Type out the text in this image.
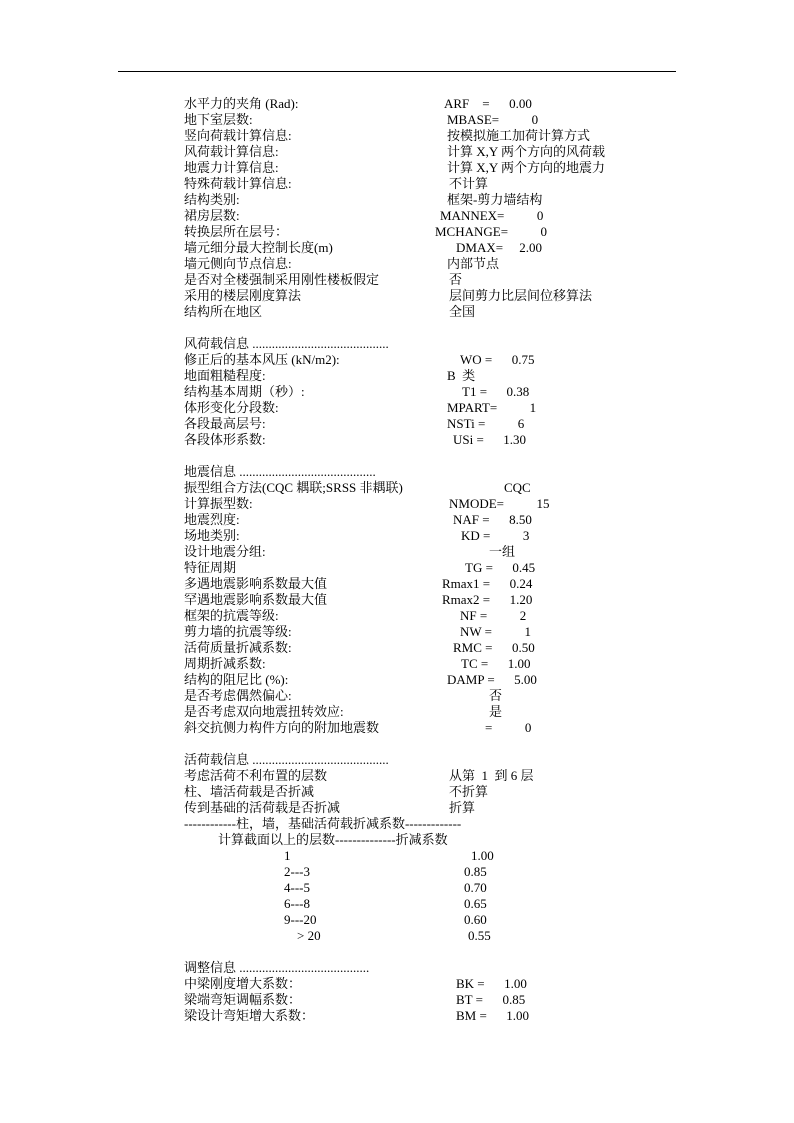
水平力的夹角 (Rad):	ARF    =      0.00
地下室层数:	MBASE=          0
竖向荷载计算信息:	按模拟施工加荷计算方式
风荷载计算信息:	计算 X,Y 两个方向的风荷载
地震力计算信息:	计算 X,Y 两个方向的地震力
特殊荷载计算信息:	不计算
结构类别:	框架-剪力墙结构
裙房层数:	MANNEX=          0
转换层所在层号：	MCHANGE=          0
墙元细分最大控制长度(m)	DMAX=     2.00
墙元侧向节点信息:	内部节点
是否对全楼强制采用刚性楼板假定	否
采用的楼层刚度算法	层间剪力比层间位移算法
结构所在地区	全国
风荷载信息 ..........................................
修正后的基本风压 (kN/m2):	WO =      0.75
地面粗糙程度:	B  类
结构基本周期（秒）:	T1 =      0.38
体形变化分段数:	MPART=          1
各段最高层号:	NSTi =          6
各段体形系数:	USi =      1.30
地震信息 ..........................................
振型组合方法(CQC 耦联;SRSS 非耦联)	CQC
计算振型数:	NMODE=          15
地震烈度:	NAF =      8.50
场地类别:	KD =          3
设计地震分组:	一组
特征周期	TG =      0.45
多遇地震影响系数最大值	Rmax1 =      0.24
罕遇地震影响系数最大值	Rmax2 =      1.20
框架的抗震等级:	NF =          2
剪力墙的抗震等级:	NW =          1
活荷质量折减系数:	RMC =      0.50
周期折减系数:	TC =      1.00
结构的阻尼比 (%):	DAMP =      5.00
是否考虑偶然偏心:	否
是否考虑双向地震扭转效应:	是
斜交抗侧力构件方向的附加地震数	=          0
活荷载信息 ..........................................
考虑活荷不利布置的层数	从第  1  到 6 层
柱、墙活荷载是否折减	不折算
传到基础的活荷载是否折减	折算
------------柱，墙，基础活荷载折减系数-------------
计算截面以上的层数--------------折减系数
1	1.00
2---3	0.85
4---5	0.70
6---8	0.65
9---20	0.60
> 20	0.55
调整信息 ........................................
中梁刚度增大系数：	BK =      1.00
梁端弯矩调幅系数：	BT =      0.85
梁设计弯矩增大系数：	BM =      1.00
